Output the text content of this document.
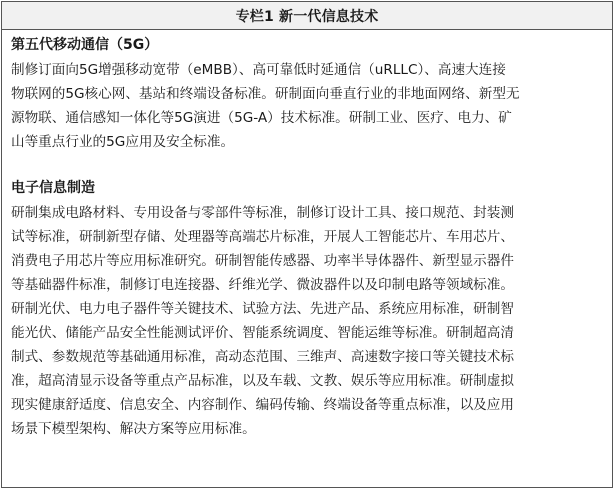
专栏1 新一代信息技术
第五代移动通信（5G）
制修订面向5G增强移动宽带（eMBB）、高可靠低时延通信（uRLLC）、高速大连接
物联网的5G核心网、基站和终端设备标准。研制面向垂直行业的非地面网络、新型无
源物联、通信感知一体化等5G演进（5G-A）技术标准。研制工业、医疗、电力、矿
山等重点行业的5G应用及安全标准。
电子信息制造
研制集成电路材料、专用设备与零部件等标准，制修订设计工具、接口规范、封装测
试等标准，研制新型存储、处理器等高端芯片标准，开展人工智能芯片、车用芯片、
消费电子用芯片等应用标准研究。研制智能传感器、功率半导体器件、新型显示器件
等基础器件标准，制修订电连接器、纤维光学、微波器件以及印制电路等领域标准。
研制光伏、电力电子器件等关键技术、试验方法、先进产品、系统应用标准，研制智
能光伏、储能产品安全性能测试评价、智能系统调度、智能运维等标准。研制超高清
制式、参数规范等基础通用标准，高动态范围、三维声、高速数字接口等关键技术标
准，超高清显示设备等重点产品标准，以及车载、文教、娱乐等应用标准。研制虚拟
现实健康舒适度、信息安全、内容制作、编码传输、终端设备等重点标准，以及应用
场景下模型架构、解决方案等应用标准。
